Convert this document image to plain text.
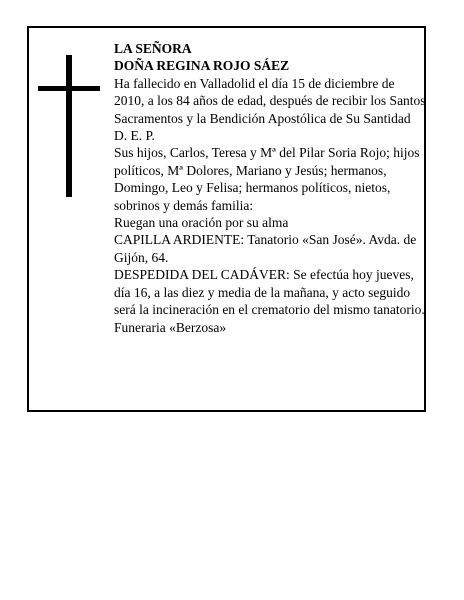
LA SEÑORA

DOÑA REGINA ROJO SÁEZ

Ha fallecido en Valladolid el día 15 de diciembre de 2010, a los 84 años de edad, después de recibir los Santos Sacramentos y la Bendición Apostólica de Su Santidad

D. E. P.

Sus hijos, Carlos, Teresa y Mª del Pilar Soria Rojo; hijos políticos, Mª Dolores, Mariano y Jesús; hermanos, Domingo, Leo y Felisa; hermanos políticos, nietos, sobrinos y demás familia:

Ruegan una oración por su alma

CAPILLA ARDIENTE: Tanatorio «San José». Avda. de Gijón, 64.

DESPEDIDA DEL CADÁVER: Se efectúa hoy jueves, día 16, a las diez y media de la mañana, y acto seguido será la incineración en el crematorio del mismo tanatorio.

Funeraria «Berzosa»
